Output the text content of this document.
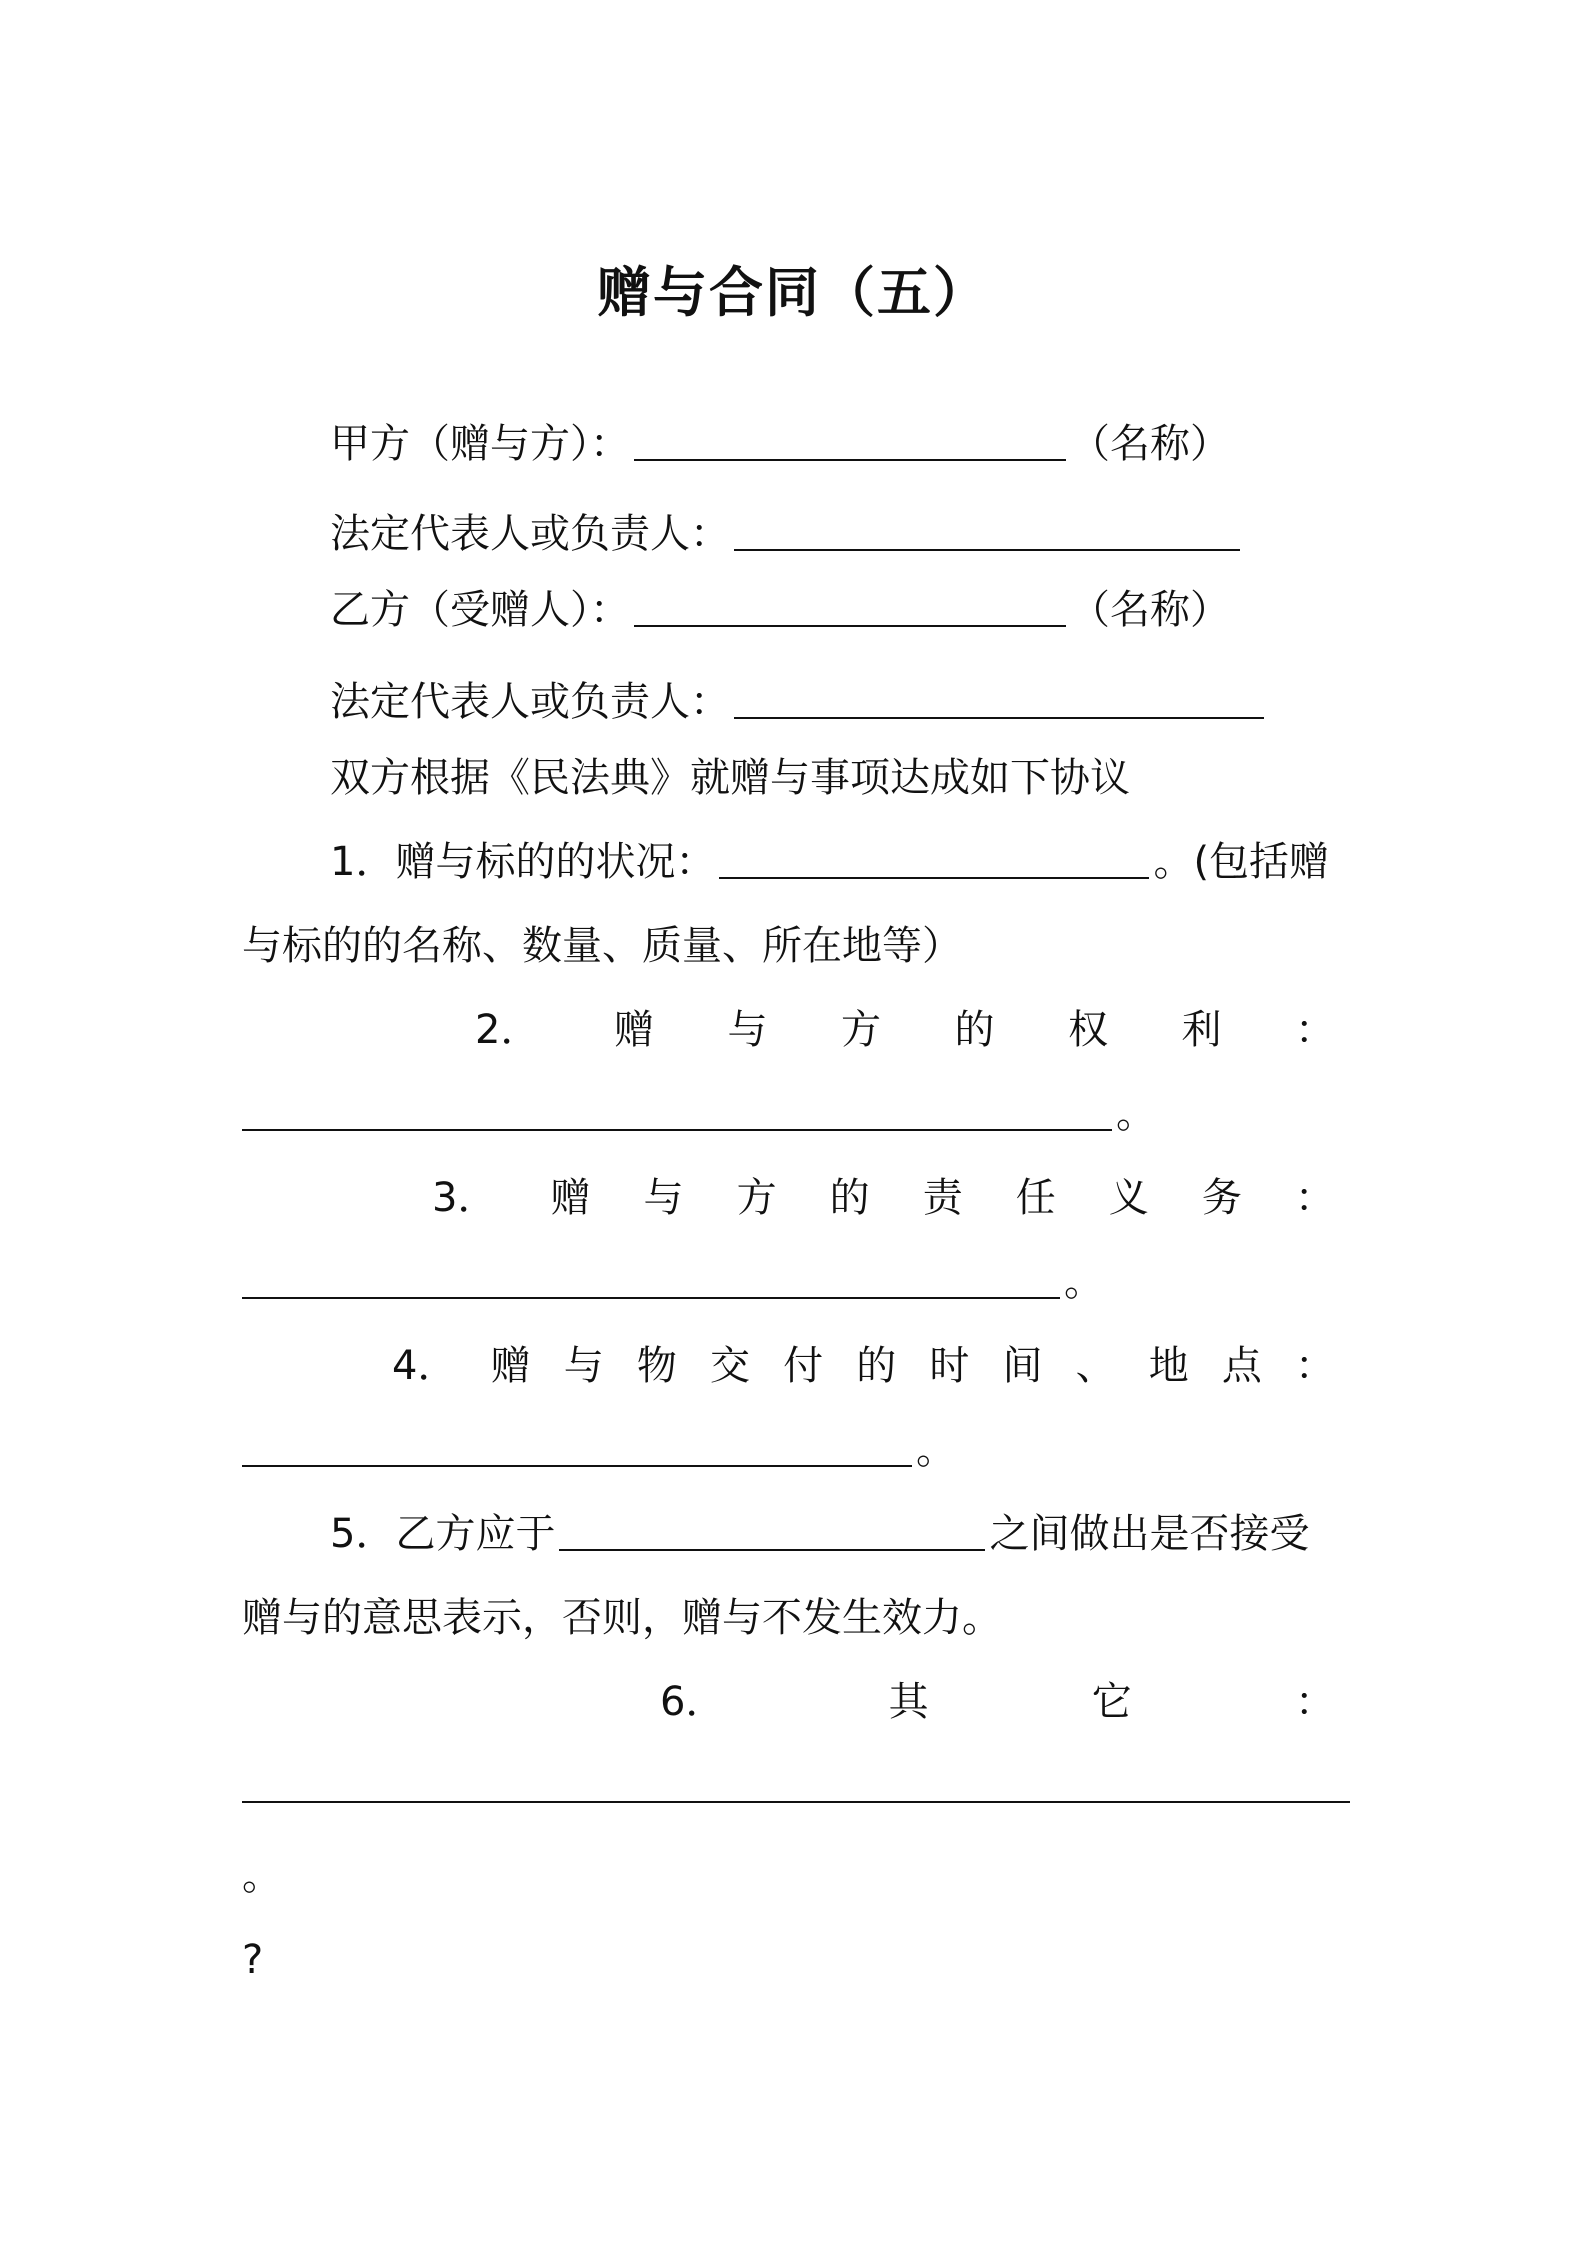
赠与合同（五）
甲方（赠与方）：	（名称）
法定代表人或负责人：
乙方（受赠人）：	（名称）
法定代表人或负责人：
双方根据《民法典》就赠与事项达成如下协议
1．赠与标的的状况：	。(包括赠
与标的的名称、数量、质量、所在地等）
2． 赠 与 方 的 权 利 ：
。
3． 赠 与 方 的 责 任 义 务 ：
。
4． 赠 与 物 交 付 的 时 间 、 地 点 ：
。
5．乙方应于	之间做出是否接受
赠与的意思表示，否则，赠与不发生效力。
6．	其	它	：
。
?
